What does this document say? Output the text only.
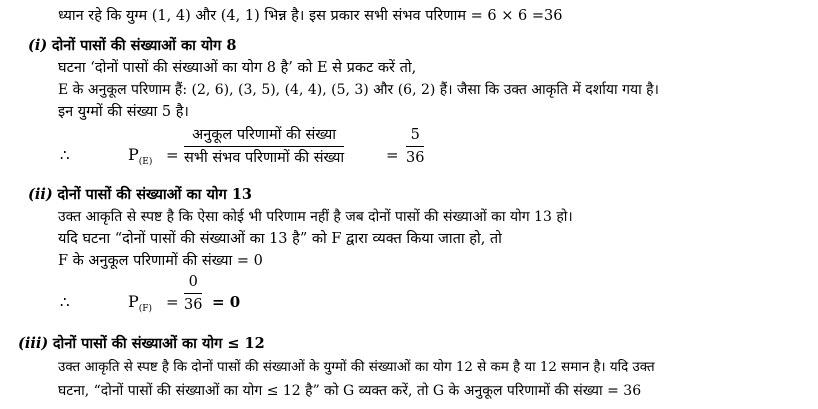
ध्यान रहे कि युग्म (1, 4) और (4, 1) भिन्न है। इस प्रकार सभी संभव परिणाम = 6 × 6 =36
(i) दोनों पासों की संख्याओं का योग 8
घटना ‘दोनों पासों की संख्याओं का योग 8 है’ को E से प्रकट करें तो,
E के अनुकूल परिणाम हैं: (2, 6), (3, 5), (4, 4), (5, 3) और (6, 2) हैं। जैसा कि उक्त आकृति में दर्शाया गया है।
इन युग्मों की संख्या 5 है।
∴	$P_{(E)}$ =
अनुकूल परिणामों की संख्या
सभी संभव परिणामों की संख्या	=
5
36
(ii) दोनों पासों की संख्याओं का योग 13
उक्त आकृति से स्पष्ट है कि ऐसा कोई भी परिणाम नहीं है जब दोनों पासों की संख्याओं का योग 13 हो।
यदि घटना “दोनों पासों की संख्याओं का 13 है” को F द्वारा व्यक्त किया जाता हो, तो
F के अनुकूल परिणामों की संख्या = 0
∴	$P_{(F)}$ =
0
36 = 0
(iii) दोनों पासों की संख्याओं का योग ≤ 12
उक्त आकृति से स्पष्ट है कि दोनों पासों की संख्याओं के युग्मों की संख्याओं का योग 12 से कम है या 12 समान है। यदि उक्त
घटना, “दोनों पासों की संख्याओं का योग ≤ 12 है” को G व्यक्त करें, तो G के अनुकूल परिणामों की संख्या = 36
